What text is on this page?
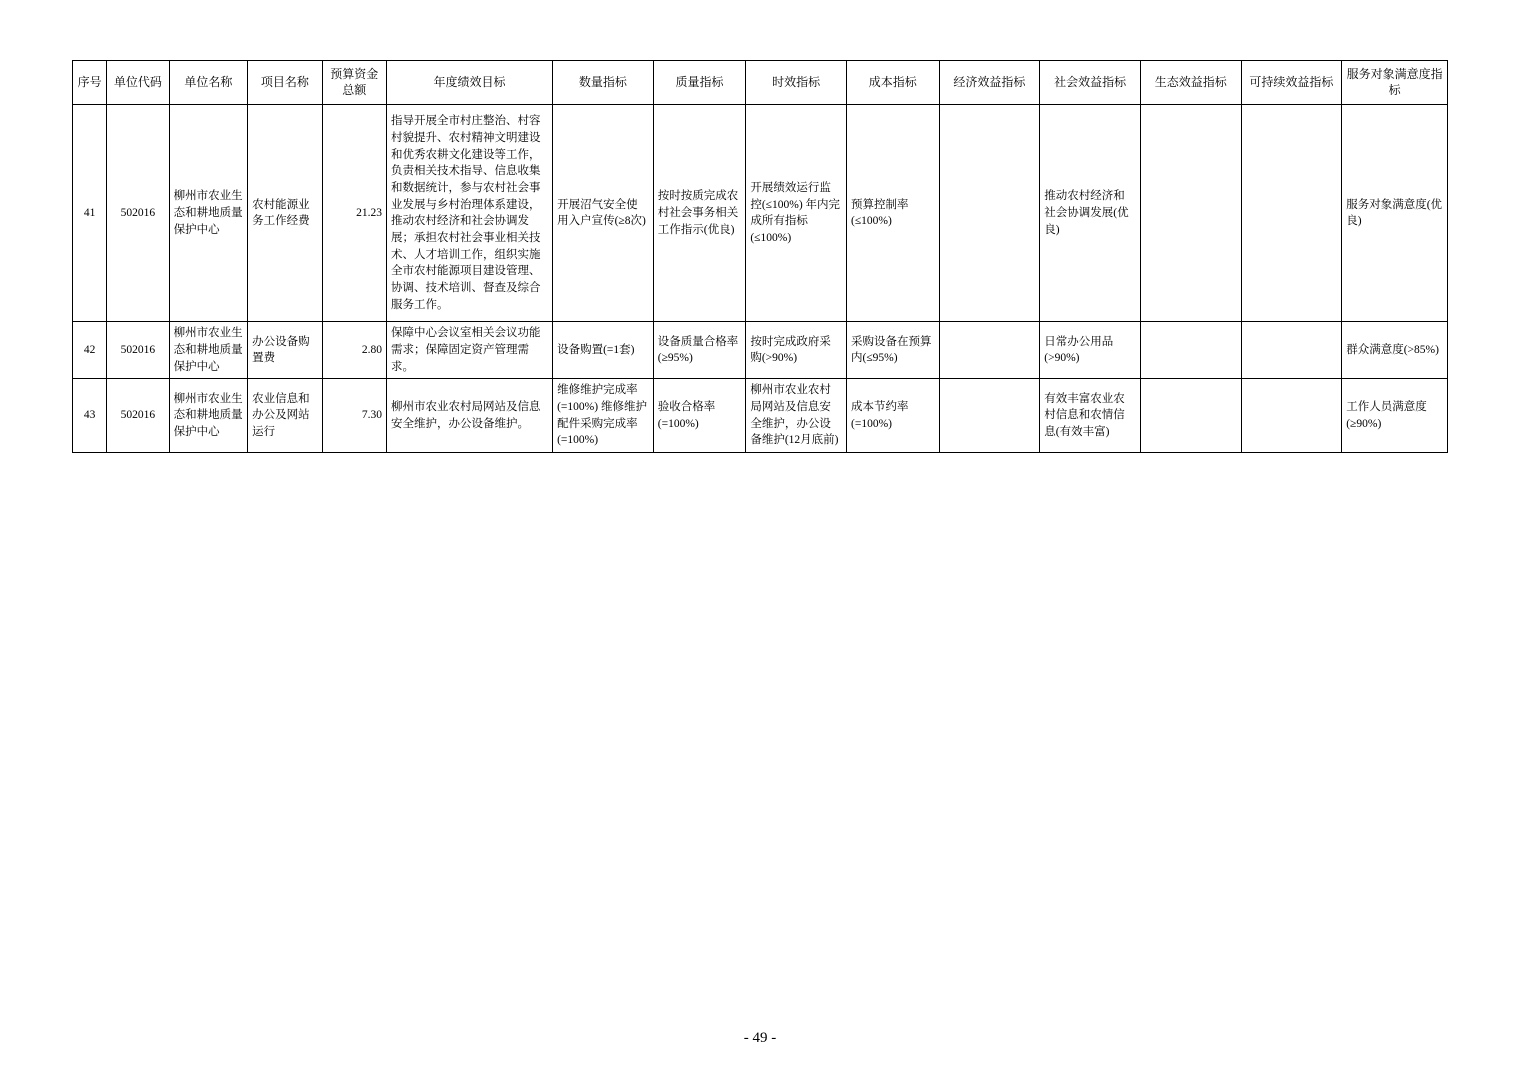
序号	单位代码	单位名称	项目名称	预算资金总额	年度绩效目标	数量指标	质量指标	时效指标	成本指标	经济效益指标	社会效益指标	生态效益指标	可持续效益指标	服务对象满意度指标
41	502016	柳州市农业生态和耕地质量保护中心	农村能源业务工作经费	21.23	指导开展全市村庄整治、村容村貌提升、农村精神文明建设和优秀农耕文化建设等工作，负责相关技术指导、信息收集和数据统计，参与农村社会事业发展与乡村治理体系建设，推动农村经济和社会协调发展；承担农村社会事业相关技术、人才培训工作，组织实施全市农村能源项目建设管理、协调、技术培训、督查及综合服务工作。	开展沼气安全使用入户宣传(≥8次)	按时按质完成农村社会事务相关工作指示(优良)	开展绩效运行监控(≤100%) 年内完成所有指标(≤100%)	预算控制率(≤100%)		推动农村经济和社会协调发展(优良)			服务对象满意度(优良)
42	502016	柳州市农业生态和耕地质量保护中心	办公设备购置费	2.80	保障中心会议室相关会议功能需求；保障固定资产管理需求。	设备购置(=1套)	设备质量合格率(≥95%)	按时完成政府采购(>90%)	采购设备在预算内(≤95%)		日常办公用品(>90%)			群众满意度(>85%)
43	502016	柳州市农业生态和耕地质量保护中心	农业信息和办公及网站运行	7.30	柳州市农业农村局网站及信息安全维护，办公设备维护。	维修维护完成率(=100%) 维修维护配件采购完成率(=100%)	验收合格率(=100%)	柳州市农业农村局网站及信息安全维护，办公设备维护(12月底前)	成本节约率(=100%)		有效丰富农业农村信息和农情信息(有效丰富)			工作人员满意度(≥90%)
- 49 -
